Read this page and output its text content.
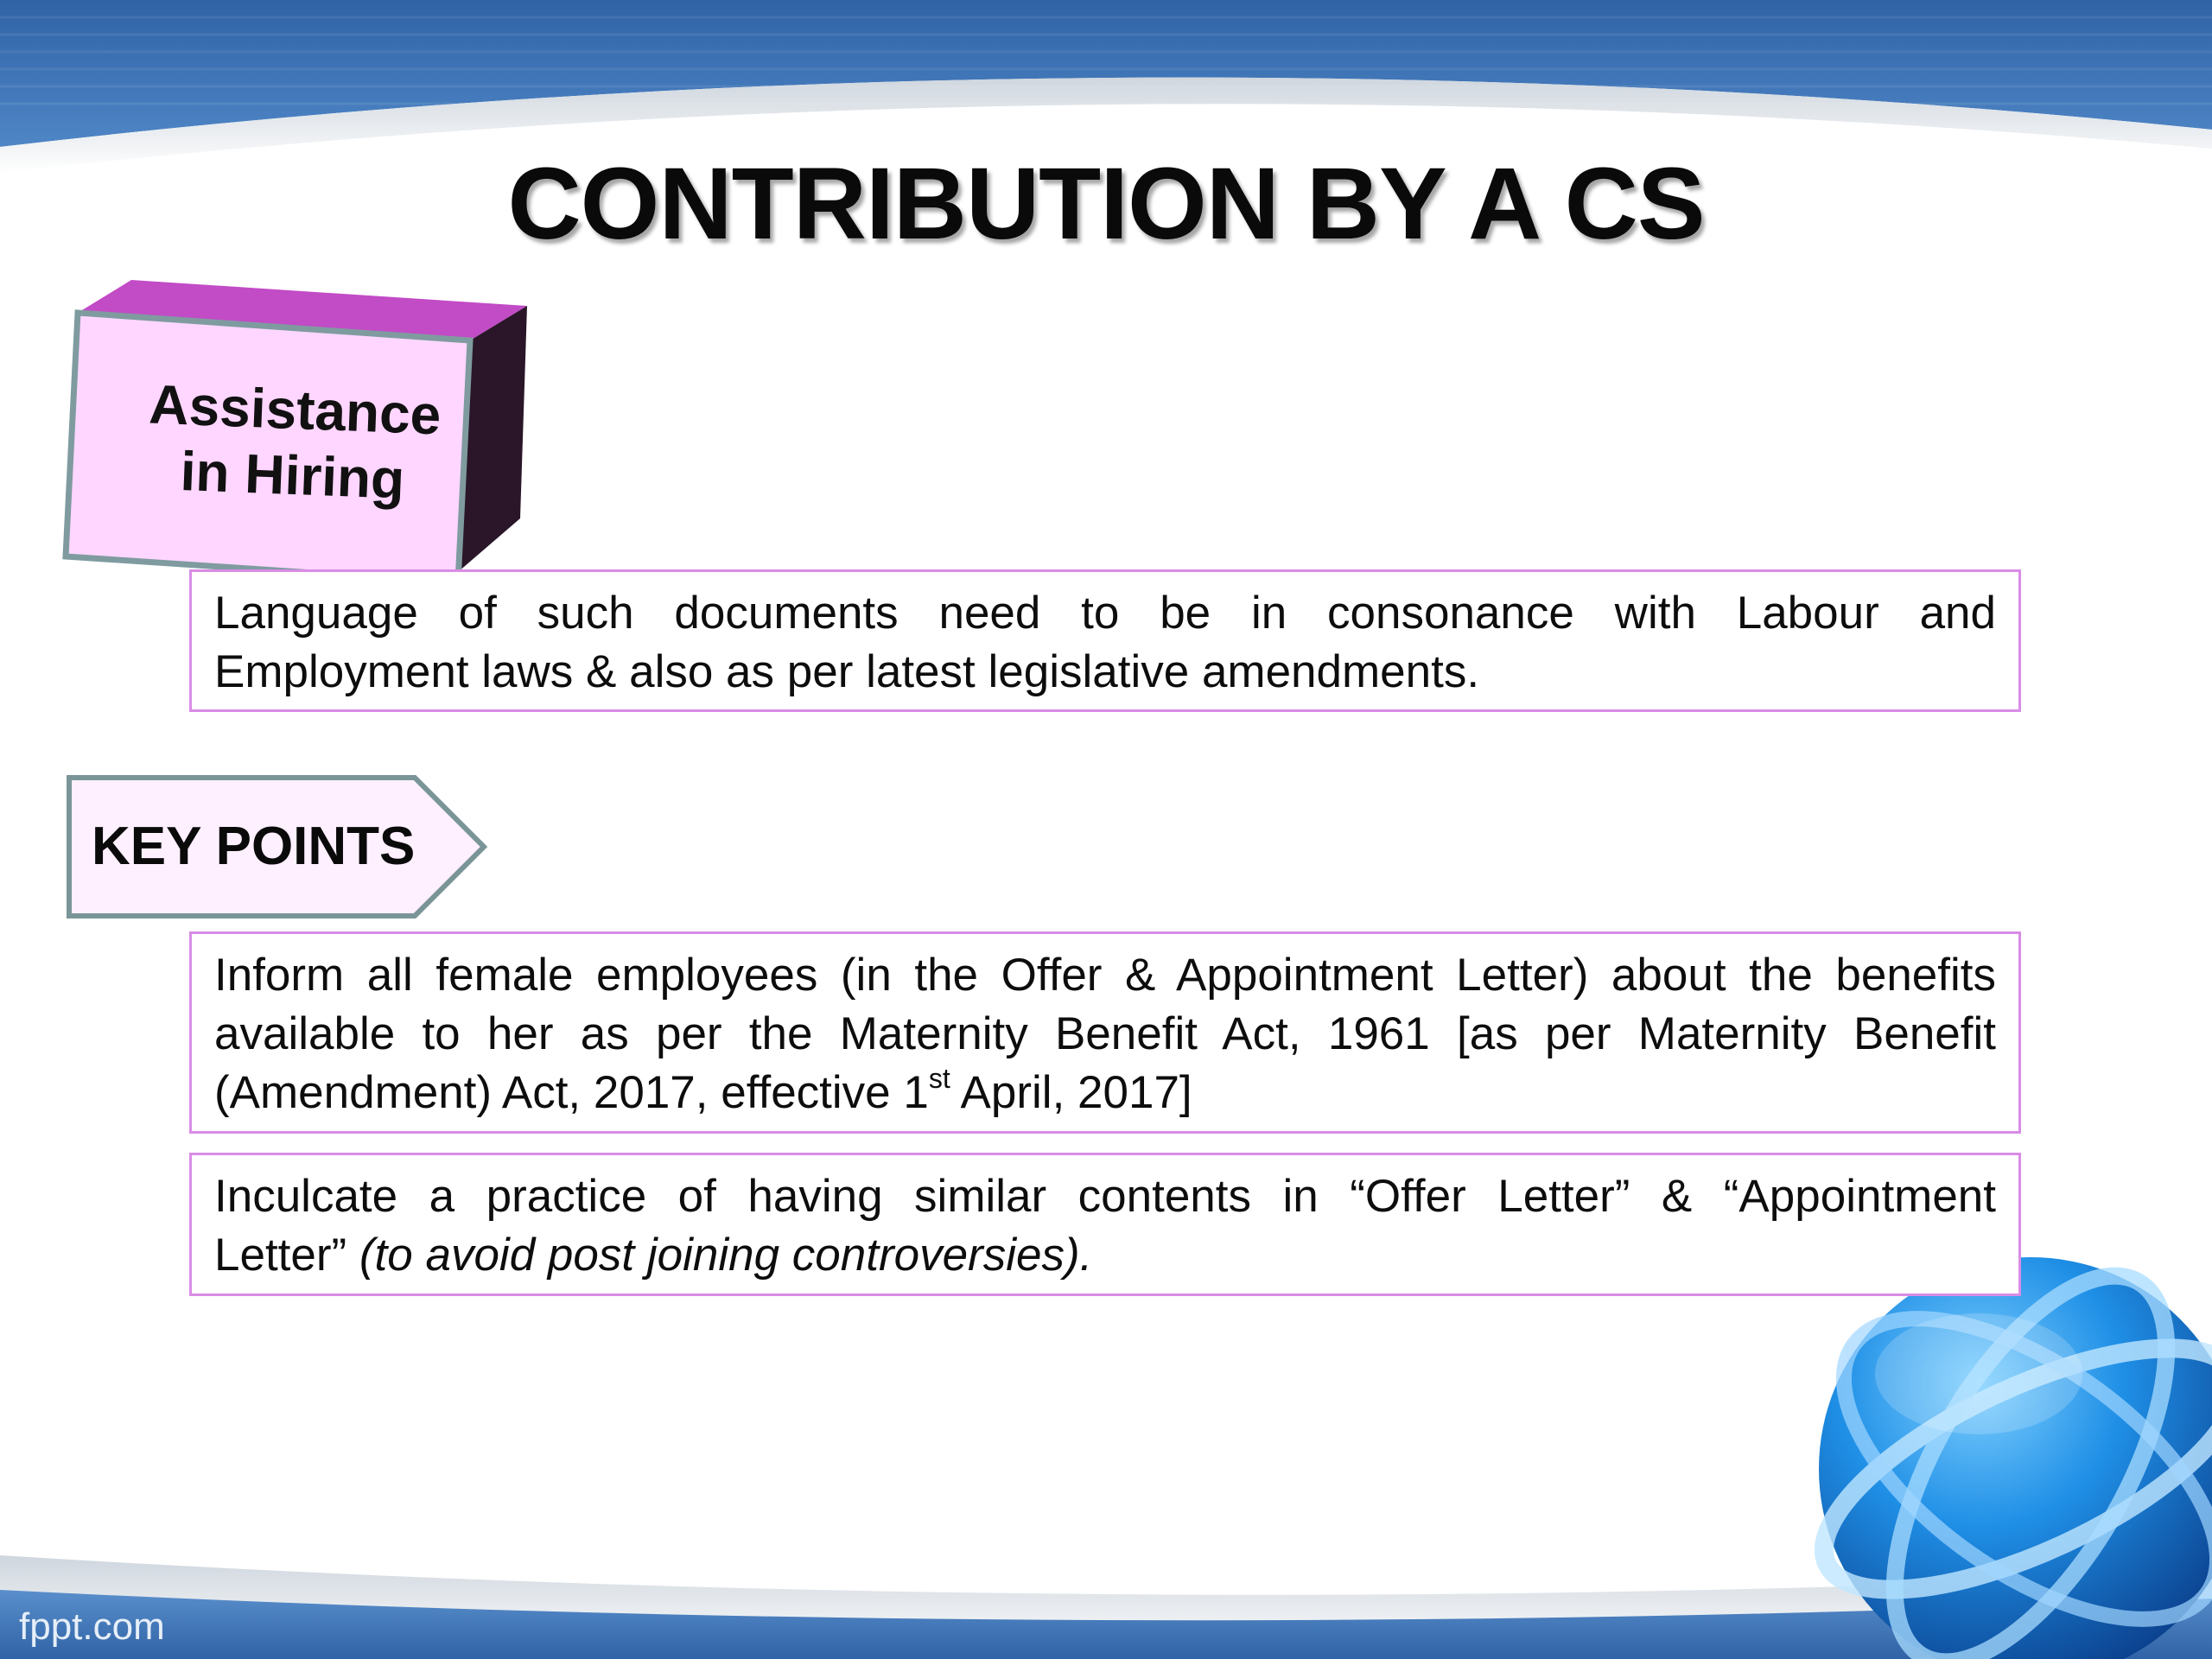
CONTRIBUTION BY A CS
Assistance
in Hiring
Language of such documents need to be in consonance with Labour and
Employment laws & also as per latest legislative amendments.
KEY POINTS
Inform all female employees (in the Offer & Appointment Letter) about the benefits
available to her as per the Maternity Benefit Act, 1961 [as per Maternity Benefit
(Amendment) Act, 2017, effective 1st April, 2017]
Inculcate a practice of having similar contents in “Offer Letter” & “Appointment
Letter” (to avoid post joining controversies).
fppt.com
